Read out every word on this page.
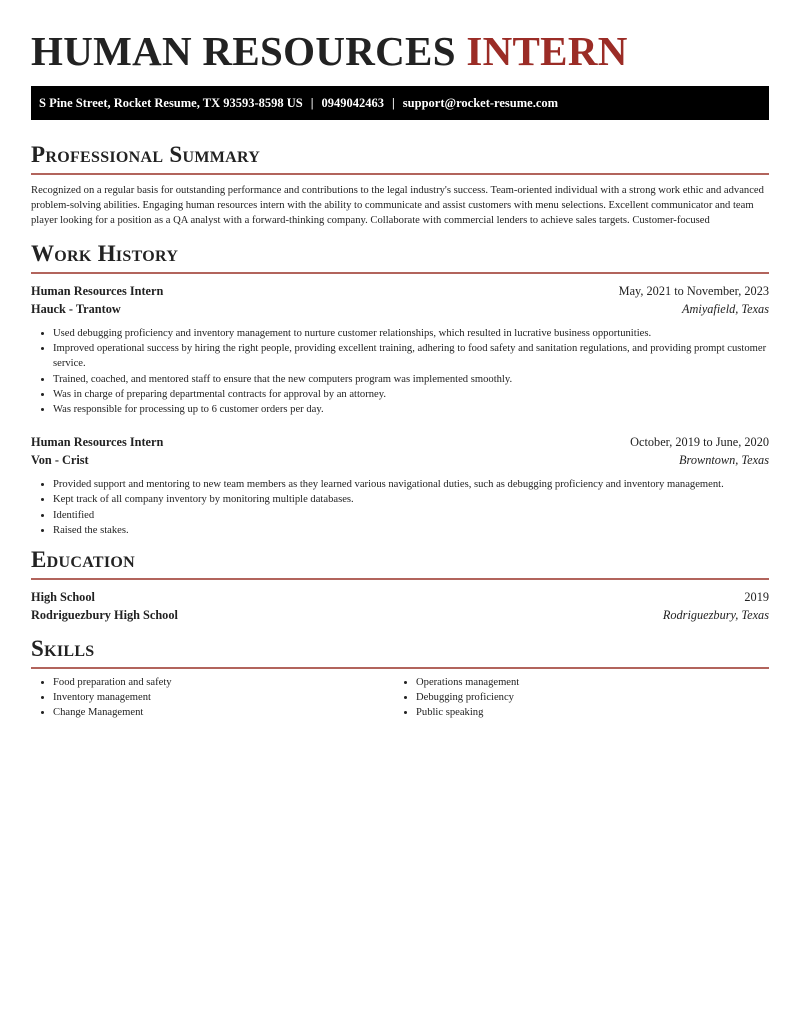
HUMAN RESOURCES INTERN
S Pine Street, Rocket Resume, TX 93593-8598 US | 0949042463 | support@rocket-resume.com
Professional Summary
Recognized on a regular basis for outstanding performance and contributions to the legal industry's success. Team-oriented individual with a strong work ethic and advanced problem-solving abilities. Engaging human resources intern with the ability to communicate and assist customers with menu selections. Excellent communicator and team player looking for a position as a QA analyst with a forward-thinking company. Collaborate with commercial lenders to achieve sales targets. Customer-focused
Work History
Human Resources Intern	May, 2021 to November, 2023
Hauck - Trantow	Amiyafield, Texas
• Used debugging proficiency and inventory management to nurture customer relationships, which resulted in lucrative business opportunities.
• Improved operational success by hiring the right people, providing excellent training, adhering to food safety and sanitation regulations, and providing prompt customer service.
• Trained, coached, and mentored staff to ensure that the new computers program was implemented smoothly.
• Was in charge of preparing departmental contracts for approval by an attorney.
• Was responsible for processing up to 6 customer orders per day.
Human Resources Intern	October, 2019 to June, 2020
Von - Crist	Browntown, Texas
• Provided support and mentoring to new team members as they learned various navigational duties, such as debugging proficiency and inventory management.
• Kept track of all company inventory by monitoring multiple databases.
• Identified
• Raised the stakes.
Education
High School	2019
Rodriguezbury High School	Rodriguezbury, Texas
Skills
• Food preparation and safety
• Inventory management
• Change Management
• Operations management
• Debugging proficiency
• Public speaking
